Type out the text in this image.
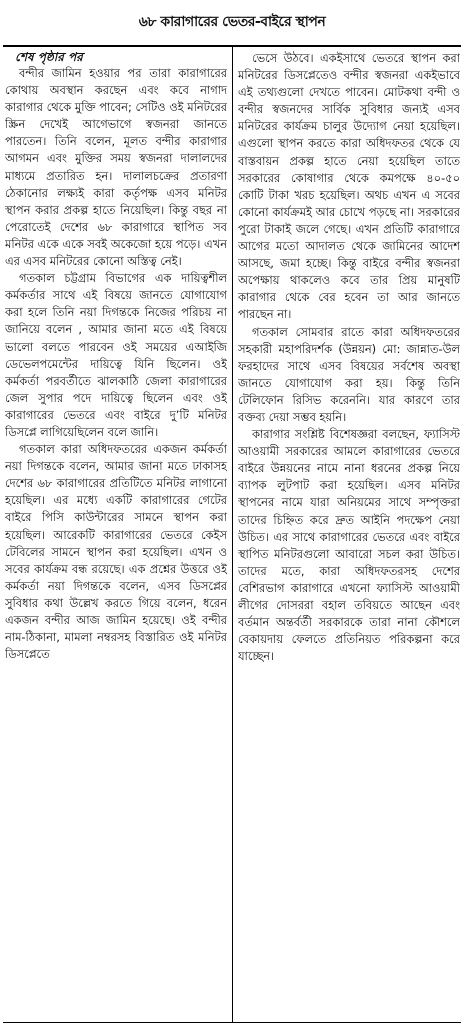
৬৮ কারাগারের ভেতর-বাইরে স্থাপন
শেষ পৃষ্ঠার পর

বন্দীর জামিন হওয়ার পর তারা কারাগারের কোথায় অবস্থান করছেন এবং কবে নাগাদ কারাগার থেকে মুক্তি পাবেন; সেটিও ওই মনিটরের স্ক্রিন দেখেই আগেভাগে স্বজনরা জানতে পারতেন। তিনি বলেন, মূলত বন্দীর কারাগার আগমন এবং মুক্তির সময় স্বজনরা দালালদের মাধ্যমে প্রতারিত হন। দালালচক্রের প্রতারণা ঠেকানোর লক্ষ্যই কারা কর্তৃপক্ষ এসব মনিটর স্থাপন করার প্রকল্প হাতে নিয়েছিল। কিন্তু বছর না পেরোতেই দেশের ৬৮ কারাগারে স্থাপিত সব মনিটর একে একে সবই অকেজো হয়ে পড়ে। এখন এর এসব মনিটরের কোনো অস্তিত্ব নেই।

গতকাল চট্টগ্রাম বিভাগের এক দায়িত্বশীল কর্মকর্তার সাথে এই বিষয়ে জানতে যোগাযোগ করা হলে তিনি নয়া দিগন্তকে নিজের পরিচয় না জানিয়ে বলেন , আমার জানা মতে এই বিষয়ে ভালো বলতে পারবেন ওই সময়ের এআইজি ডেভেলপমেন্টের দায়িত্বে যিনি ছিলেন। ওই কর্মকর্তা পরবর্তীতে ঝালকাঠি জেলা কারাগারের জেল সুপার পদে দায়িত্বে ছিলেন এবং ওই কারাগারের ভেতরে এবং বাইরে দু’টি মনিটর ডিসপ্লে লাগিয়েছিলেন বলে জানি।

গতকাল কারা অধিদফতরের একজন কর্মকর্তা নয়া দিগন্তকে বলেন, আমার জানা মতে ঢাকাসহ দেশের ৬৮ কারাগারের প্রতিটিতে মনিটর লাগানো হয়েছিল। এর মধ্যে একটি কারাগারের গেটের বাইরে পিসি কাউন্টারের সামনে স্থাপন করা হয়েছিল। আরেকটি কারাগারের ভেতরে কেইস টেবিলের সামনে স্থাপন করা হয়েছিল। এখন ও সবের কার্যক্রম বন্ধ রয়েছে। এক প্রশ্নের উত্তরে ওই কর্মকর্তা নয়া দিগন্তকে বলেন, এসব ডিসপ্লের সুবিধার কথা উল্লেখ করতে গিয়ে বলেন, ধরেন একজন বন্দীর আজ জামিন হয়েছে। ওই বন্দীর নাম-ঠিকানা, মামলা নম্বরসহ বিস্তারিত ওই মনিটর ডিসপ্লেতে

ভেসে উঠবে। একইসাথে ভেতরে স্থাপন করা মনিটরের ডিসপ্লেতেও বন্দীর স্বজনরা একইভাবে এই তথ্যগুলো দেখতে পাবেন। মোটকথা বন্দী ও বন্দীর স্বজনদের সার্বিক সুবিধার জন্যই এসব মনিটরের কার্যক্রম চালুর উদ্যোগ নেয়া হয়েছিল। এগুলো স্থাপন করতে কারা অধিদফতর থেকে যে বাস্তবায়ন প্রকল্প হাতে নেয়া হয়েছিল তাতে সরকারের কোষাগার থেকে কমপক্ষে ৪০-৫০ কোটি টাকা খরচ হয়েছিল। অথচ এখন এ সবের কোনো কার্যক্রমই আর চোখে পড়ছে না। সরকারের পুরো টাকাই জলে গেছে। এখন প্রতিটি কারাগারে আগের মতো আদালত থেকে জামিনের আদেশ আসছে, জমা হচ্ছে। কিন্তু বাইরে বন্দীর স্বজনরা অপেক্ষায় থাকলেও কবে তার প্রিয় মানুষটি কারাগার থেকে বের হবেন তা আর জানতে পারছেন না।

গতকাল সোমবার রাতে কারা অধিদফতরের সহকারী মহাপরিদর্শক (উন্নয়ন) মো: জান্নাত-উল ফরহাদের সাথে এসব বিষয়ের সর্বশেষ অবস্থা জানতে যোগাযোগ করা হয়। কিন্তু তিনি টেলিফোন রিসিভ করেননি। যার কারণে তার বক্তব্য দেয়া সম্ভব হয়নি।

কারাগার সংশ্লিষ্ট বিশেষজ্ঞরা বলছেন, ফ্যাসিস্ট আওয়ামী সরকারের আমলে কারাগারের ভেতরে বাইরে উন্নয়নের নামে নানা ধরনের প্রকল্প নিয়ে ব্যাপক লুটপাট করা হয়েছিল। এসব মনিটর স্থাপনের নামে যারা অনিয়মের সাথে সম্পৃক্তরা তাদের চিহ্নিত করে দ্রুত আইনি পদক্ষেপ নেয়া উচিত। এর সাথে কারাগারের ভেতরে এবং বাইরে স্থাপিত মনিটরগুলো আবারো সচল করা উচিত। তাদের মতে, কারা অধিদফতরসহ দেশের বেশিরভাগ কারাগারে এখনো ফ্যাসিস্ট আওয়ামী লীগের দোসররা বহাল তবিয়তে আছেন এবং বর্তমান অন্তর্বর্তী সরকারকে তারা নানা কৌশলে বেকায়দায় ফেলতে প্রতিনিয়ত পরিকল্পনা করে যাচ্ছেন।
